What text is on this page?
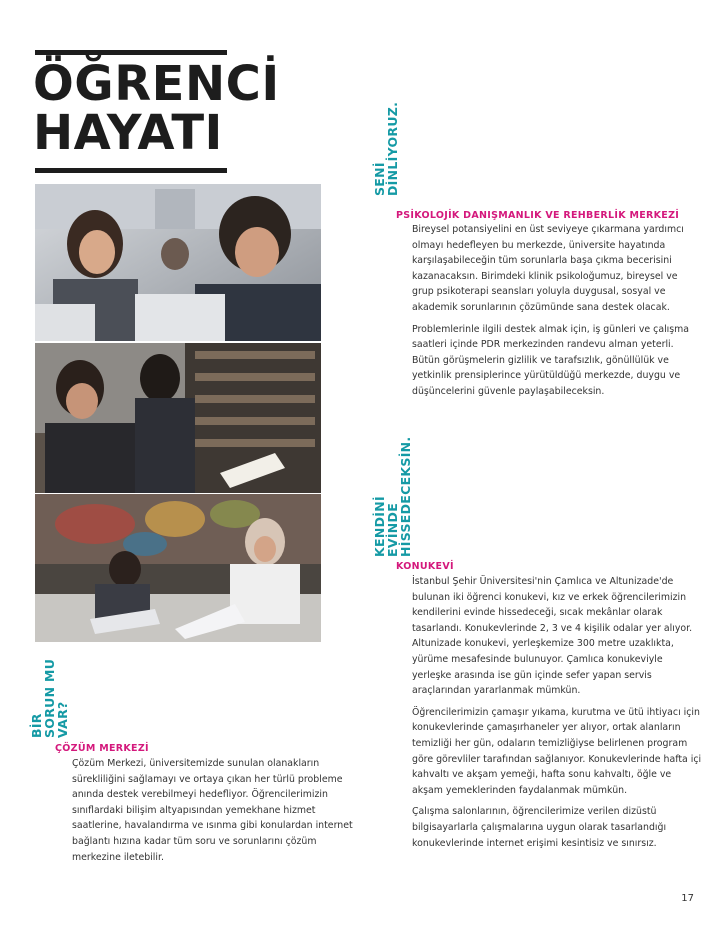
ÖĞRENCİ
HAYATI
SENİ
DİNLİYORUZ.
PSİKOLOJİK DANIŞMANLIK VE REHBERLİK MERKEZİ

Bireysel potansiyelini en üst seviyeye çıkarmana yardımcı olmayı hedefleyen bu merkezde, üniversite hayatında karşılaşabileceğin tüm sorunlarla başa çıkma becerisini kazanacaksın. Birimdeki klinik psikoloğumuz, bireysel ve grup psikoterapi seansları yoluyla duygusal, sosyal ve akademik sorunlarının çözümünde sana destek olacak.

Problemlerinle ilgili destek almak için, iş günleri ve çalışma saatleri içinde PDR merkezinden randevu alman yeterli. Bütün görüşmelerin gizlilik ve tarafsızlık, gönüllülük ve yetkinlik prensiplerince yürütüldüğü merkezde, duygu ve düşüncelerini güvenle paylaşabileceksin.

KENDİNİ
EVİNDE
HİSSEDECEKSİN.
KONUKEVİ

İstanbul Şehir Üniversitesi'nin Çamlıca ve Altunizade'de bulunan iki öğrenci konukevi, kız ve erkek öğrencilerimizin kendilerini evinde hissedeceği, sıcak mekânlar olarak tasarlandı. Konukevlerinde 2, 3 ve 4 kişilik odalar yer alıyor. Altunizade konukevi, yerleşkemize 300 metre uzaklıkta, yürüme mesafesinde bulunuyor. Çamlıca konukeviyle yerleşke arasında ise gün içinde sefer yapan servis araçlarından yararlanmak mümkün.

Öğrencilerimizin çamaşır yıkama, kurutma ve ütü ihtiyacı için konukevlerinde çamaşırhaneler yer alıyor, ortak alanların temizliği her gün, odaların temizliğiyse belirlenen program göre görevliler tarafından sağlanıyor. Konukevlerinde hafta içi kahvaltı ve akşam yemeği, hafta sonu kahvaltı, öğle ve akşam yemeklerinden faydalanmak mümkün.

Çalışma salonlarının, öğrencilerimize verilen dizüstü bilgisayarlarla çalışmalarına uygun olarak tasarlandığı konukevlerinde internet erişimi kesintisiz ve sınırsız.

BİR
SORUN MU
VAR?
ÇÖZÜM MERKEZİ

Çözüm Merkezi, üniversitemizde sunulan olanakların sürekliliğini sağlamayı ve ortaya çıkan her türlü probleme anında destek verebilmeyi hedefliyor. Öğrencilerimizin sınıflardaki bilişim altyapısından yemekhane hizmet saatlerine, havalandırma ve ısınma gibi konulardan internet bağlantı hızına kadar tüm soru ve sorunlarını çözüm merkezine iletebilir.

17
